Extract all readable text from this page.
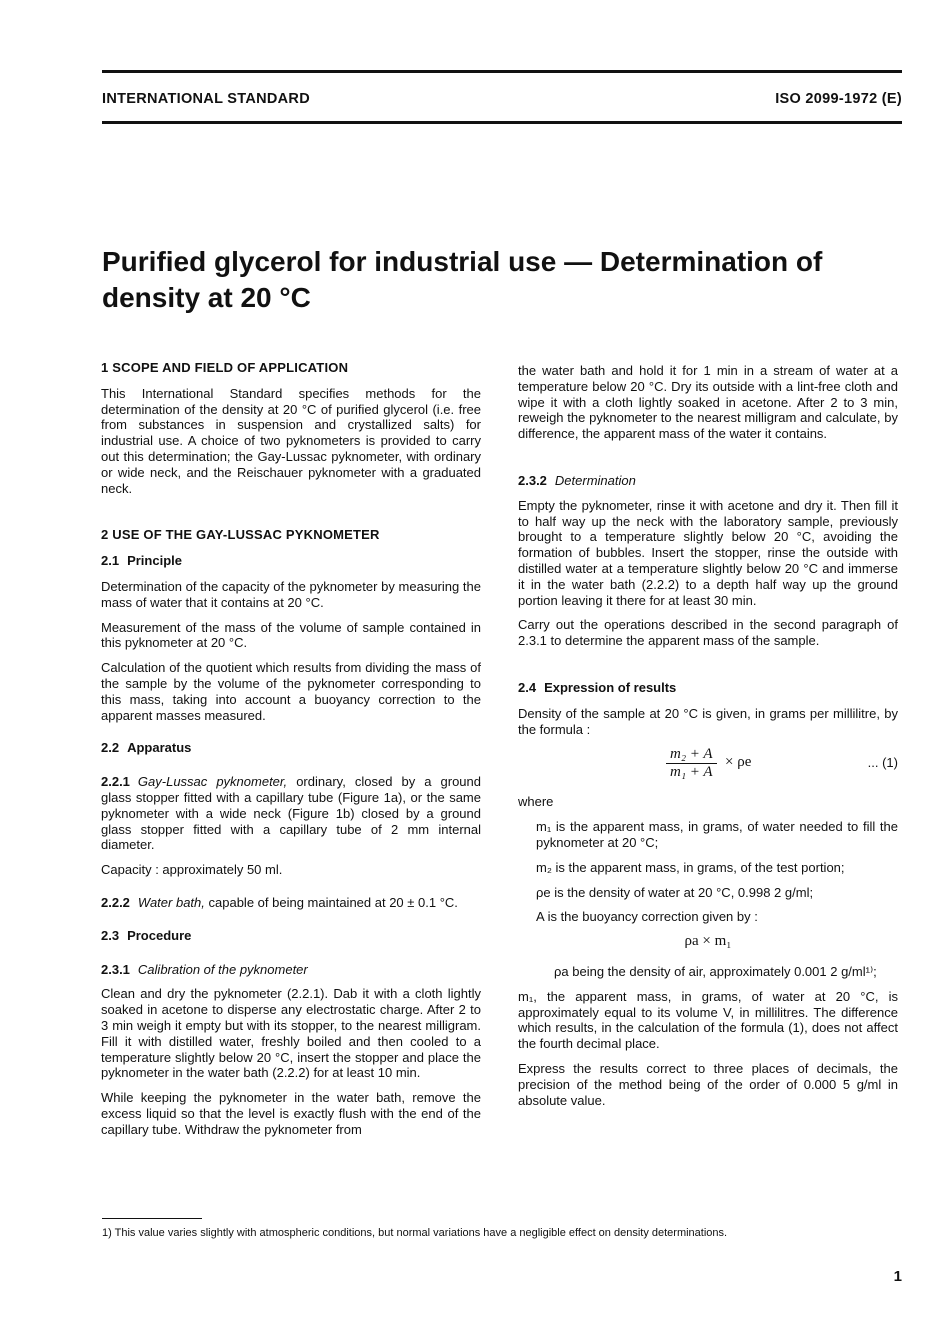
INTERNATIONAL STANDARD	ISO 2099-1972 (E)
Purified glycerol for industrial use — Determination of density at 20 °C
1 SCOPE AND FIELD OF APPLICATION

This International Standard specifies methods for the determination of the density at 20 °C of purified glycerol (i.e. free from substances in suspension and crystallized salts) for industrial use. A choice of two pyknometers is provided to carry out this determination; the Gay-Lussac pyknometer, with ordinary or wide neck, and the Reischauer pyknometer with a graduated neck.

2 USE OF THE GAY-LUSSAC PYKNOMETER
2.1 Principle

Determination of the capacity of the pyknometer by measuring the mass of water that it contains at 20 °C.

Measurement of the mass of the volume of sample contained in this pyknometer at 20 °C.

Calculation of the quotient which results from dividing the mass of the sample by the volume of the pyknometer corresponding to this mass, taking into account a buoyancy correction to the apparent masses measured.

2.2 Apparatus

2.2.1 Gay-Lussac pyknometer, ordinary, closed by a ground glass stopper fitted with a capillary tube (Figure 1a), or the same pyknometer with a wide neck (Figure 1b) closed by a ground glass stopper fitted with a capillary tube of 2 mm internal diameter.

Capacity : approximately 50 ml.

2.2.2 Water bath, capable of being maintained at 20 ± 0.1 °C.

2.3 Procedure
2.3.1 Calibration of the pyknometer

Clean and dry the pyknometer (2.2.1). Dab it with a cloth lightly soaked in acetone to disperse any electrostatic charge. After 2 to 3 min weigh it empty but with its stopper, to the nearest milligram. Fill it with distilled water, freshly boiled and then cooled to a temperature slightly below 20 °C, insert the stopper and place the pyknometer in the water bath (2.2.2) for at least 10 min.

While keeping the pyknometer in the water bath, remove the excess liquid so that the level is exactly flush with the end of the capillary tube. Withdraw the pyknometer from

the water bath and hold it for 1 min in a stream of water at a temperature below 20 °C. Dry its outside with a lint-free cloth and wipe it with a cloth lightly soaked in acetone. After 2 to 3 min, reweigh the pyknometer to the nearest milligram and calculate, by difference, the apparent mass of the water it contains.

2.3.2 Determination

Empty the pyknometer, rinse it with acetone and dry it. Then fill it to half way up the neck with the laboratory sample, previously brought to a temperature slightly below 20 °C, avoiding the formation of bubbles. Insert the stopper, rinse the outside with distilled water at a temperature slightly below 20 °C and immerse it in the water bath (2.2.2) to a depth half way up the ground portion leaving it there for at least 30 min.

Carry out the operations described in the second paragraph of 2.3.1 to determine the apparent mass of the sample.

2.4 Expression of results

Density of the sample at 20 °C is given, in grams per millilitre, by the formula :

$\frac{\text{m₂ + A}}{\text{m₁ + A}} \times \rho e$	... (1)

where

m₁ is the apparent mass, in grams, of water needed to fill the pyknometer at 20 °C;

m₂ is the apparent mass, in grams, of the test portion;

ρe is the density of water at 20 °C, 0.998 2 g/ml;

A is the buoyancy correction given by :

ρa × m₁

ρa being the density of air, approximately 0.001 2 g/ml¹⁾;

m₁, the apparent mass, in grams, of water at 20 °C, is approximately equal to its volume V, in millilitres. The difference which results, in the calculation of the formula (1), does not affect the fourth decimal place.

Express the results correct to three places of decimals, the precision of the method being of the order of 0.000 5 g/ml in absolute value.

1) This value varies slightly with atmospheric conditions, but normal variations have a negligible effect on density determinations.
1
